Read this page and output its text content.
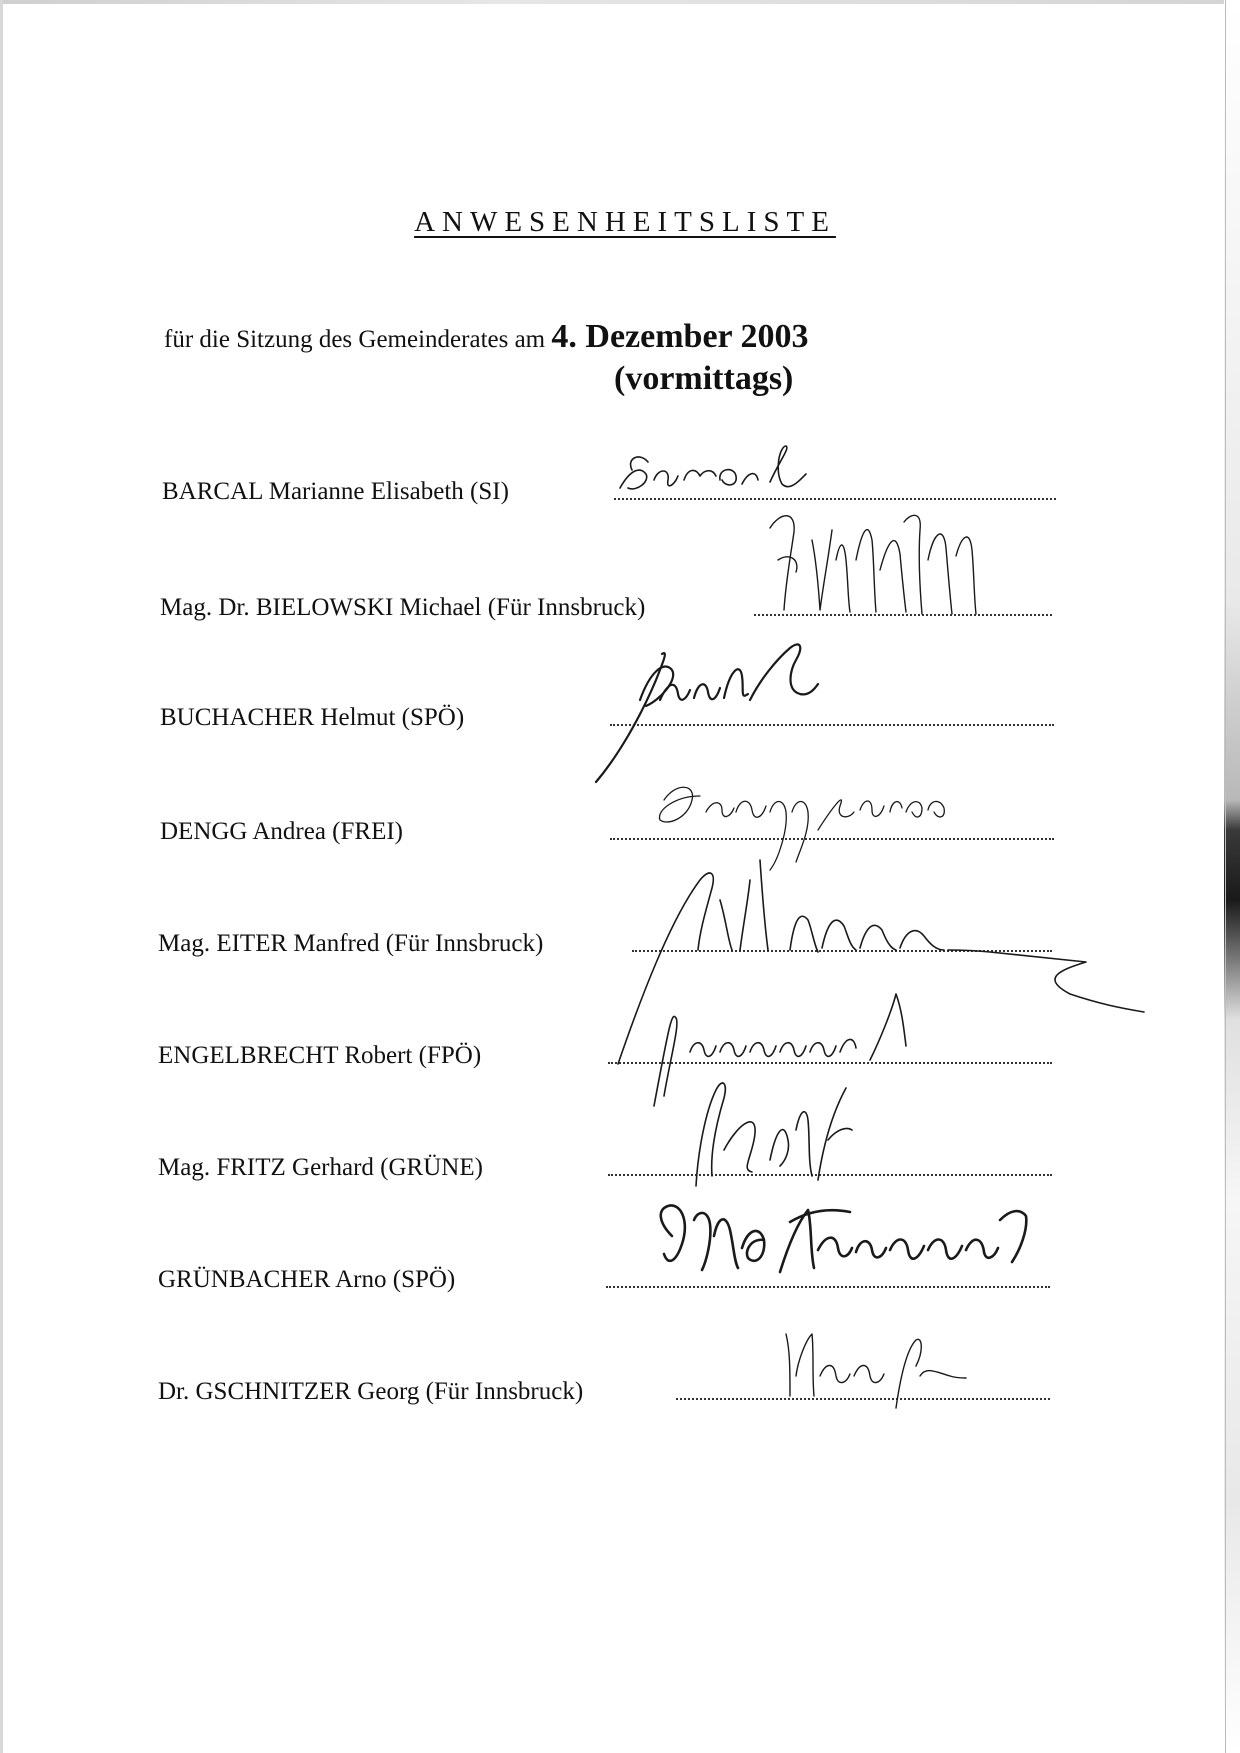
ANWESENHEITSLISTE
für die Sitzung des Gemeinderates am 4. Dezember 2003
(vormittags)
BARCAL Marianne Elisabeth (SI)
Mag. Dr. BIELOWSKI Michael (Für Innsbruck)
BUCHACHER Helmut (SPÖ)
DENGG Andrea (FREI)
Mag. EITER Manfred (Für Innsbruck)
ENGELBRECHT Robert (FPÖ)
Mag. FRITZ Gerhard (GRÜNE)
GRÜNBACHER Arno (SPÖ)
Dr. GSCHNITZER Georg (Für Innsbruck)
